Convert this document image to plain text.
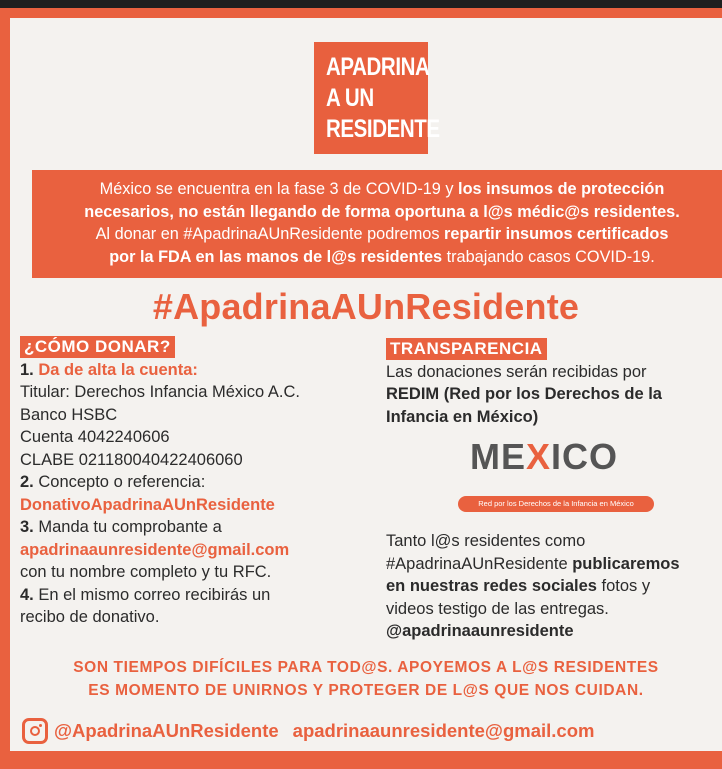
APADRINA
A UN
RESIDENTE
México se encuentra en la fase 3 de COVID-19 y los insumos de protección
necesarios, no están llegando de forma oportuna a l@s médic@s residentes.
Al donar en #ApadrinaAUnResidente podremos repartir insumos certificados
por la FDA en las manos de l@s residentes trabajando casos COVID-19.
#ApadrinaAUnResidente
¿CÓMO DONAR?
1. Da de alta la cuenta:
Titular: Derechos Infancia México A.C.
Banco HSBC
Cuenta 4042240606
CLABE 021180040422406060
2. Concepto o referencia:
DonativoApadrinaAUnResidente
3. Manda tu comprobante a
apadrinaaunresidente@gmail.com
con tu nombre completo y tu RFC.
4. En el mismo correo recibirás un
recibo de donativo.
TRANSPARENCIA
Las donaciones serán recibidas por
REDIM (Red por los Derechos de la
Infancia en México)
MEXICO
Red por los Derechos de la Infancia en México
Tanto l@s residentes como
#ApadrinaAUnResidente publicaremos
en nuestras redes sociales fotos y
videos testigo de las entregas.
@apadrinaaunresidente
SON TIEMPOS DIFÍCILES PARA TOD@S. APOYEMOS A L@S RESIDENTES
ES MOMENTO DE UNIRNOS Y PROTEGER DE L@S QUE NOS CUIDAN.
@ApadrinaAUnResidente apadrinaaunresidente@gmail.com
